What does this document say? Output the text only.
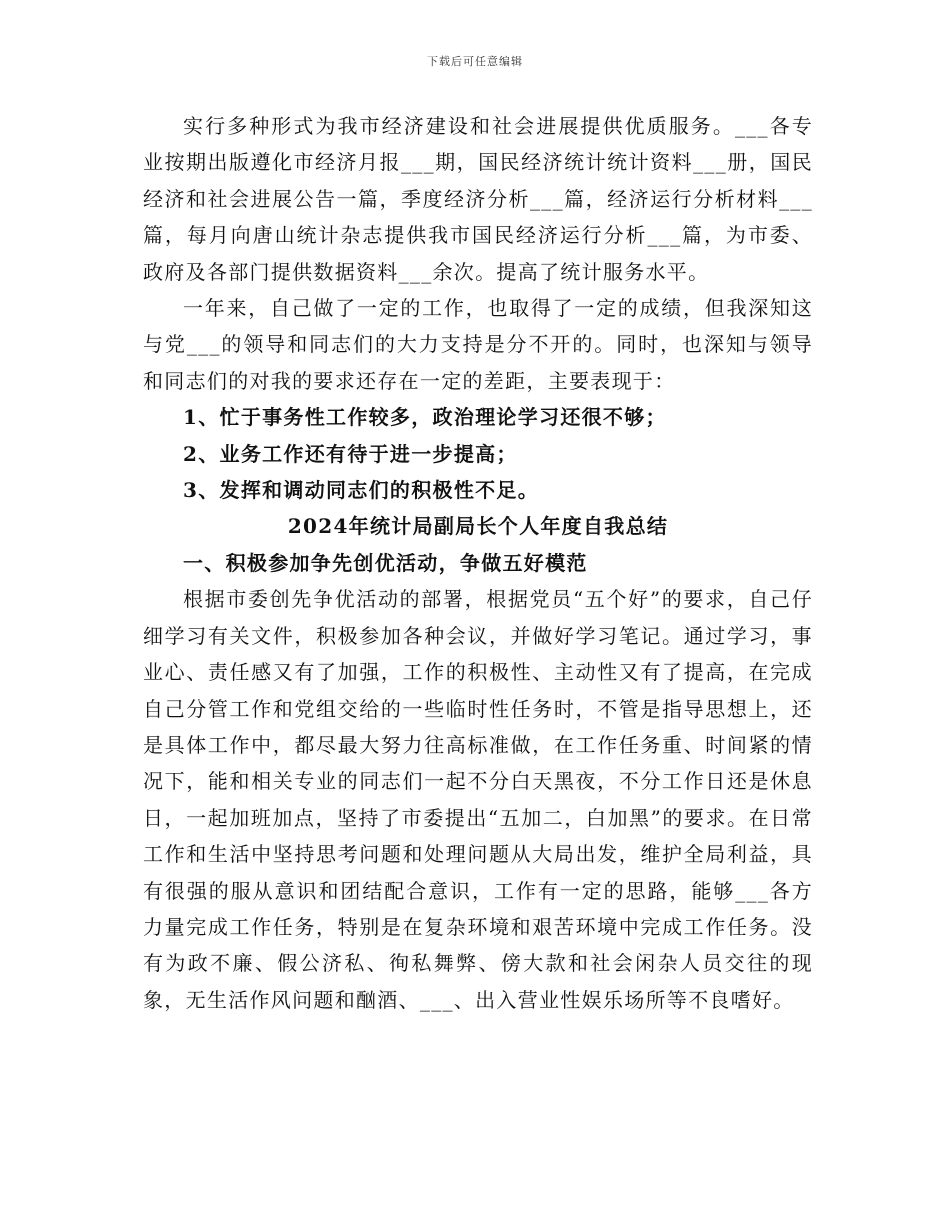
下载后可任意编辑

实行多种形式为我市经济建设和社会进展提供优质服务。___各专业按期出版遵化市经济月报___期，国民经济统计统计资料___册，国民经济和社会进展公告一篇，季度经济分析___篇，经济运行分析材料___篇，每月向唐山统计杂志提供我市国民经济运行分析___篇，为市委、政府及各部门提供数据资料___余次。提高了统计服务水平。

一年来，自己做了一定的工作，也取得了一定的成绩，但我深知这与党___的领导和同志们的大力支持是分不开的。同时，也深知与领导和同志们的对我的要求还存在一定的差距，主要表现于：

1、忙于事务性工作较多，政治理论学习还很不够；

2、业务工作还有待于进一步提高；

3、发挥和调动同志们的积极性不足。

2024年统计局副局长个人年度自我总结
一、积极参加争先创优活动，争做五好模范

根据市委创先争优活动的部署，根据党员“五个好”的要求，自己仔细学习有关文件，积极参加各种会议，并做好学习笔记。通过学习，事业心、责任感又有了加强，工作的积极性、主动性又有了提高，在完成自己分管工作和党组交给的一些临时性任务时，不管是指导思想上，还是具体工作中，都尽最大努力往高标准做，在工作任务重、时间紧的情况下，能和相关专业的同志们一起不分白天黑夜，不分工作日还是休息日，一起加班加点，坚持了市委提出“五加二，白加黑”的要求。在日常工作和生活中坚持思考问题和处理问题从大局出发，维护全局利益，具有很强的服从意识和团结配合意识，工作有一定的思路，能够___各方力量完成工作任务，特别是在复杂环境和艰苦环境中完成工作任务。没有为政不廉、假公济私、徇私舞弊、傍大款和社会闲杂人员交往的现象，无生活作风问题和酗酒、___、出入营业性娱乐场所等不良嗜好。
